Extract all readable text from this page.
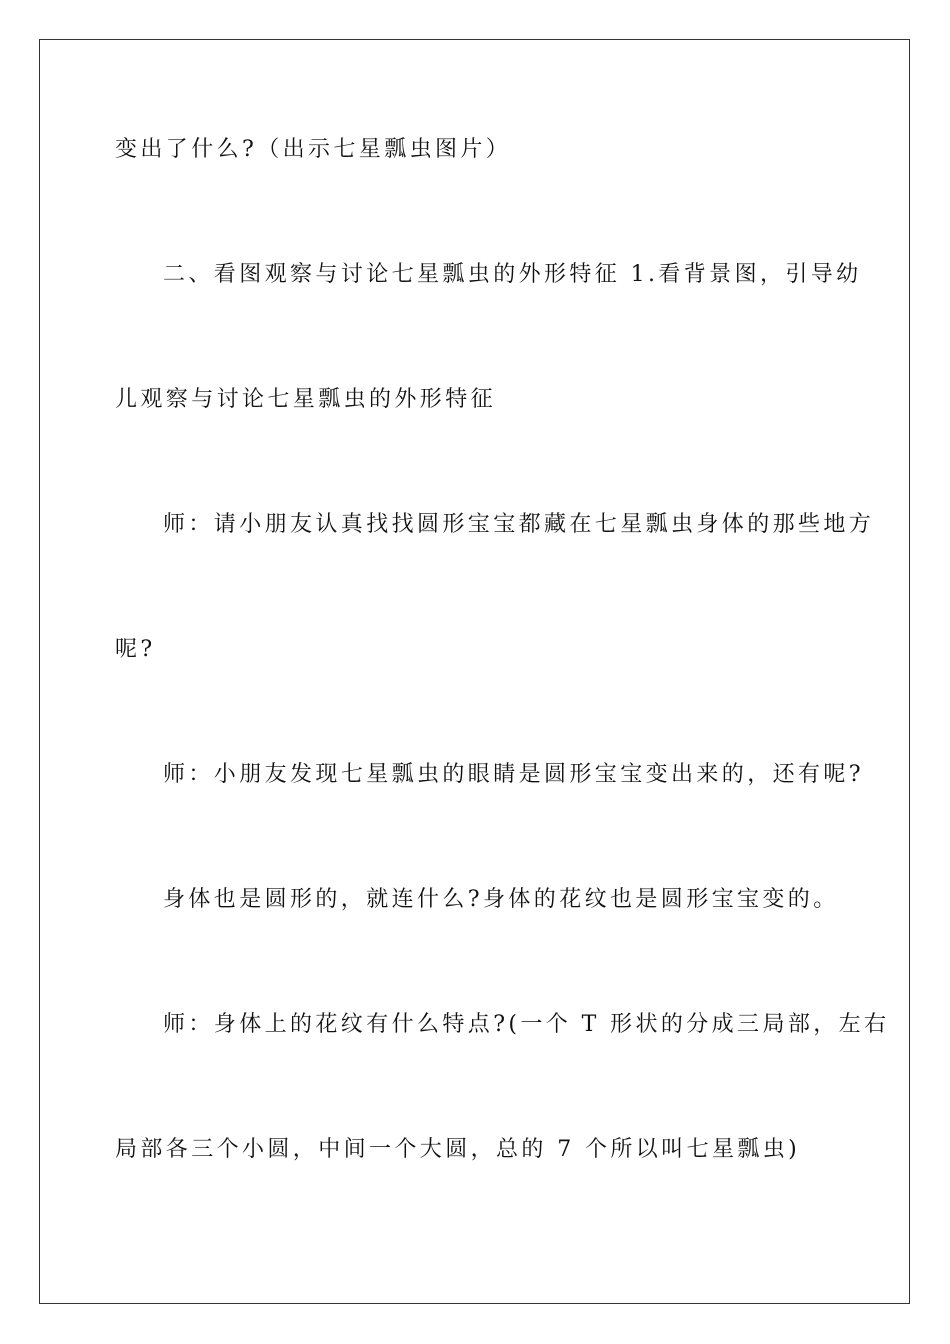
变出了什么?（出示七星瓢虫图片）
二、看图观察与讨论七星瓢虫的外形特征 1.看背景图，引导幼
儿观察与讨论七星瓢虫的外形特征
师：请小朋友认真找找圆形宝宝都藏在七星瓢虫身体的那些地方
呢?
师：小朋友发现七星瓢虫的眼睛是圆形宝宝变出来的，还有呢?
身体也是圆形的，就连什么?身体的花纹也是圆形宝宝变的。
师：身体上的花纹有什么特点?(一个 T 形状的分成三局部，左右
局部各三个小圆，中间一个大圆，总的 7 个所以叫七星瓢虫)
